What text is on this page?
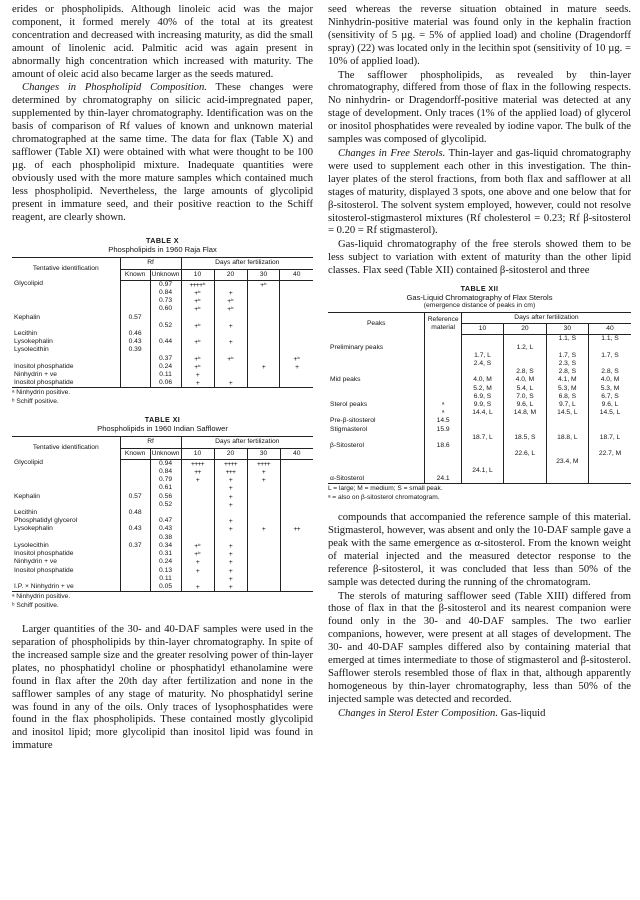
erides or phospholipids. Although linoleic acid was the major component, it formed merely 40% of the total at its greatest concentration and decreased with increasing maturity, as did the small amount of linolenic acid. Palmitic acid was again present in abnormally high concentration which increased with maturity. The amount of oleic acid also became larger as the seeds matured.

Changes in Phospholipid Composition. These changes were determined by chromatography on silicic acid-impregnated paper, supplemented by thin-layer chromatography. Identification was on the basis of comparison of Rf values of known and unknown material chromatographed at the same time. The data for flax (Table X) and safflower (Table XI) were obtained with what were thought to be 100 µg. of each phospholipid mixture. Inadequate quantities were obviously used with the more mature samples which contained much less phospholipid. Nevertheless, the large amounts of glycolipid present in immature seed, and their positive reaction to the Schiff reagent, are clearly shown.

TABLE X
Phospholipids in 1960 Raja Flax
Tentative identification	Rf		Days after fertilization			
	Known	Unknown	10	20	30	40
Glycolipid		0.97	++++ᵇ		+ᵇ	
		0.84	+ᵇ	+		
		0.73	+ᵇ	+ᵇ		
		0.60	+ᵇ	+ᵇ		
Kephalin	0.57					
		0.52	+ᵇ	+		
Lecithin	0.46					
Lysokephalin	0.43	0.44	+ᵇ	+		
Lysolecithin	0.39					
		0.37	+ᵇ	+ᵇ		+ᵇ
Inositol phosphatide		0.24	+ᵇ		+	+
Ninhydrin + ve		0.11	+			
Inositol phosphatide		0.06	+	+		
ᵃ Ninhydrin positive.
ᵇ Schiff positive.
TABLE XI
Phospholipids in 1960 Indian Safflower
Tentative identification	Rf		Days after fertilization			
	Known	Unknown	10	20	30	40
Glycolipid		0.94	++++	++++	++++	
		0.84	++	+++	+	
		0.79	+	+	+	
		0.61		+		
Kephalin	0.57	0.56		+		
		0.52		+		
Lecithin	0.48					
Phosphatidyl glycerol		0.47		+		
Lysokephalin	0.43	0.43		+	+	++
		0.38				
Lysolecithin	0.37	0.34	+ᵇ	+		
Inositol phosphatide		0.31	+ᵇ	+		
Ninhydrin + ve		0.24	+	+		
Inositol phosphatide		0.13	+	+		
		0.11		+		
I.P. × Ninhydrin + ve		0.05	+	+		
ᵃ Ninhydrin positive.
ᵇ Schiff positive.

Larger quantities of the 30- and 40-DAF samples were used in the separation of phospholipids by thin-layer chromatography. In spite of the increased sample size and the greater resolving power of thin-layer plates, no phosphatidyl choline or phosphatidyl ethanolamine were found in flax after the 20th day after fertilization and none in the safflower samples of any stage of maturity. No phosphatidyl serine was found in any of the oils. Only traces of lysophosphatides were found in the flax phospholipids. These contained mostly glycolipid and inositol lipid; more glycolipid than inositol lipid was found in immature

seed whereas the reverse situation obtained in mature seeds. Ninhydrin-positive material was found only in the kephalin fraction (sensitivity of 5 µg. = 5% of applied load) and choline (Dragendorff spray) (22) was located only in the lecithin spot (sensitivity of 10 µg. = 10% of applied load).

The safflower phospholipids, as revealed by thin-layer chromatography, differed from those of flax in the following respects. No ninhydrin- or Dragendorff-positive material was detected at any stage of development. Only traces (1% of the applied load) of glycerol or inositol phosphatides were revealed by iodine vapor. The bulk of the samples was composed of glycolipid.

Changes in Free Sterols. Thin-layer and gas-liquid chromatography were used to supplement each other in this investigation. The thin-layer plates of the sterol fractions, from both flax and safflower at all stages of maturity, displayed 3 spots, one above and one below that for β-sitosterol. The solvent system employed, however, could not resolve sitosterol-stigmasterol mixtures (Rf cholesterol = 0.23; Rf β-sitosterol = 0.20 = Rf stigmasterol).

Gas-liquid chromatography of the free sterols showed them to be less subject to variation with extent of maturity than the other lipid classes. Flax seed (Table XII) contained β-sitosterol and three

TABLE XII
Gas-Liquid Chromatography of Flax Sterols
(emergence distance of peaks in cm)
Peaks	Reference material	Days after fertilization			
		10	20	30	40
				1.1, S	1.1, S
Preliminary peaks			1.2, L		
		1.7, L		1.7, S	1.7, S
		2.4, S		2.3, S	
			2.8, S	2.8, S	2.8, S
Mid peaks		4.0, M	4.0, M	4.1, M	4.0, M
		5.2, M	5.4, L	5.3, M	5.3, M
		6.9, S	7.0, S	6.8, S	6.7, S
Sterol peaks	ᵃ	9.9, S	9.6, L	9.7, L	9.6, L
	ᵃ	14.4, L	14.8, M	14.5, L	14.5, L
Pre-β-sitosterol	14.5				
Stigmasterol	15.9				
		18.7, L	18.5, S	18.8, L	18.7, L
β-Sitosterol	18.6				
			22.6, L		22.7, M
				23.4, M	
		24.1, L			
α-Sitosterol	24.1				
L = large; M = medium; S = small peak.
ᵃ = also on β-sitosterol chromatogram.

compounds that accompanied the reference sample of this material. Stigmasterol, however, was absent and only the 10-DAF sample gave a peak with the same emergence as α-sitosterol. From the known weight of material injected and the measured detector response to the reference β-sitosterol, it was concluded that less than 50% of the sample was detected during the running of the chromatogram.

The sterols of maturing safflower seed (Table XIII) differed from those of flax in that the β-sitosterol and its nearest companion were found only in the 30- and 40-DAF samples. The two earlier companions, however, were present at all stages of development. The 30- and 40-DAF samples differed also by containing material that emerged at times intermediate to those of stigmasterol and β-sitosterol. Safflower sterols resembled those of flax in that, although apparently homogeneous by thin-layer chromatography, less than 50% of the injected sample was detected and recorded.

Changes in Sterol Ester Composition. Gas-liquid
